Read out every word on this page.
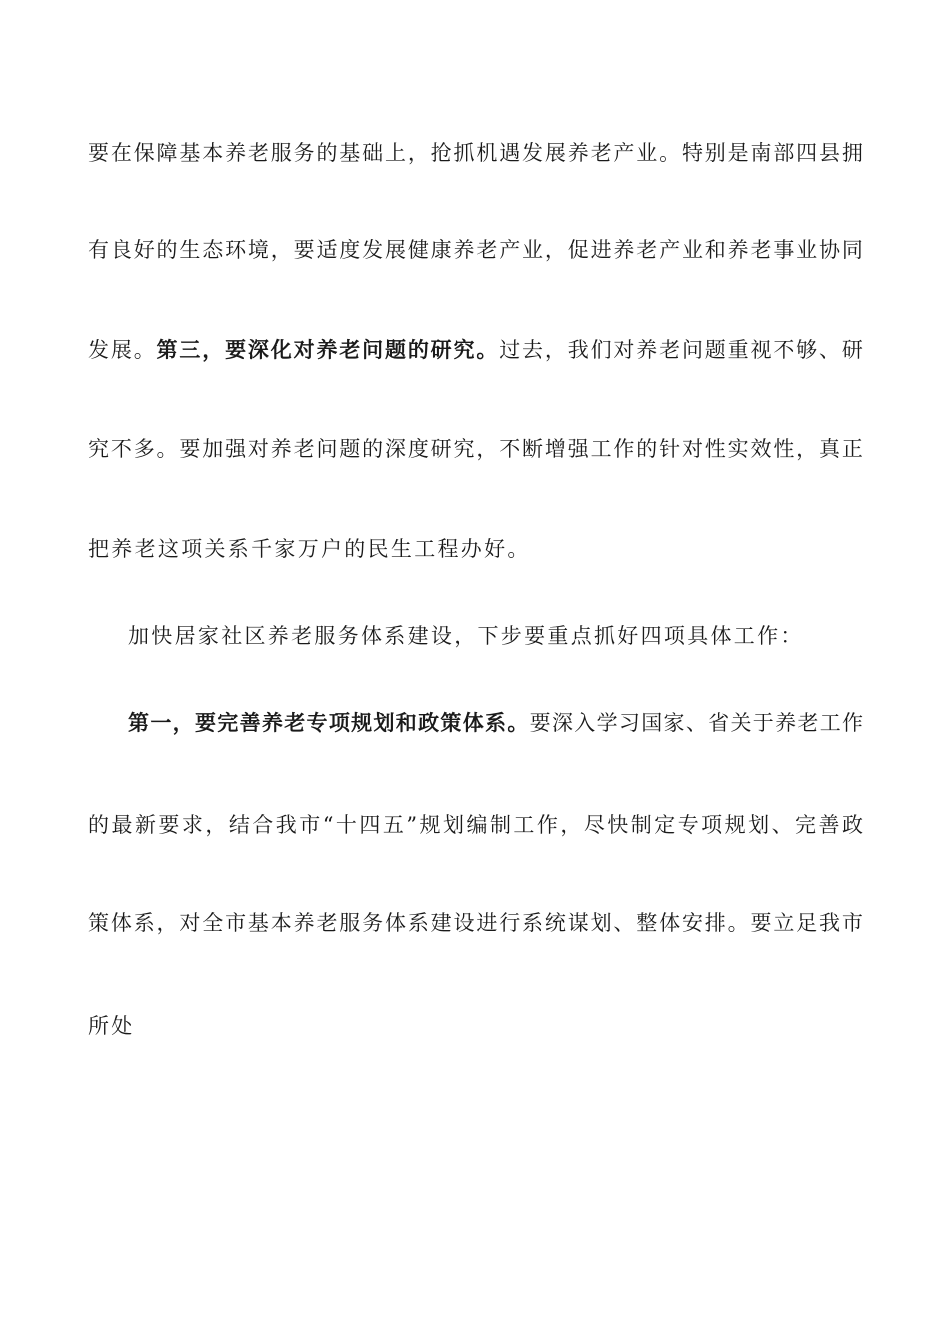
要 在 保 障 基 本 养 老 服 务 的 基 础 上 ， 抢 抓 机 遇 发 展 养 老 产 业 。 特 别 是 南 部 四 县 拥
有 良 好 的 生 态 环 境 ， 要 适 度 发 展 健 康 养 老 产 业 ， 促 进 养 老 产 业 和 养 老 事 业 协 同
发 展 。 第 三 ， 要 深 化 对 养 老 问 题 的 研 究 。 过 去 ， 我 们 对 养 老 问 题 重 视 不 够 、 研
究 不 多 。 要 加 强 对 养 老 问 题 的 深 度 研 究 ， 不 断 增 强 工 作 的 针 对 性 实 效 性 ， 真 正
把养老这项关系千家万户的民生工程办好。
加快居家社区养老服务体系建设，下步要重点抓好四项具体工作：
第 一 ， 要 完 善 养 老 专 项 规 划 和 政 策 体 系 。 要 深 入 学 习 国 家 、 省 关 于 养 老 工 作
的 最 新 要 求 ， 结 合 我 市 “ 十 四 五 ” 规 划 编 制 工 作 ， 尽 快 制 定 专 项 规 划 、 完 善 政
策 体 系 ， 对 全 市 基 本 养 老 服 务 体 系 建 设 进 行 系 统 谋 划 、 整 体 安 排 。 要 立 足 我 市
所处
